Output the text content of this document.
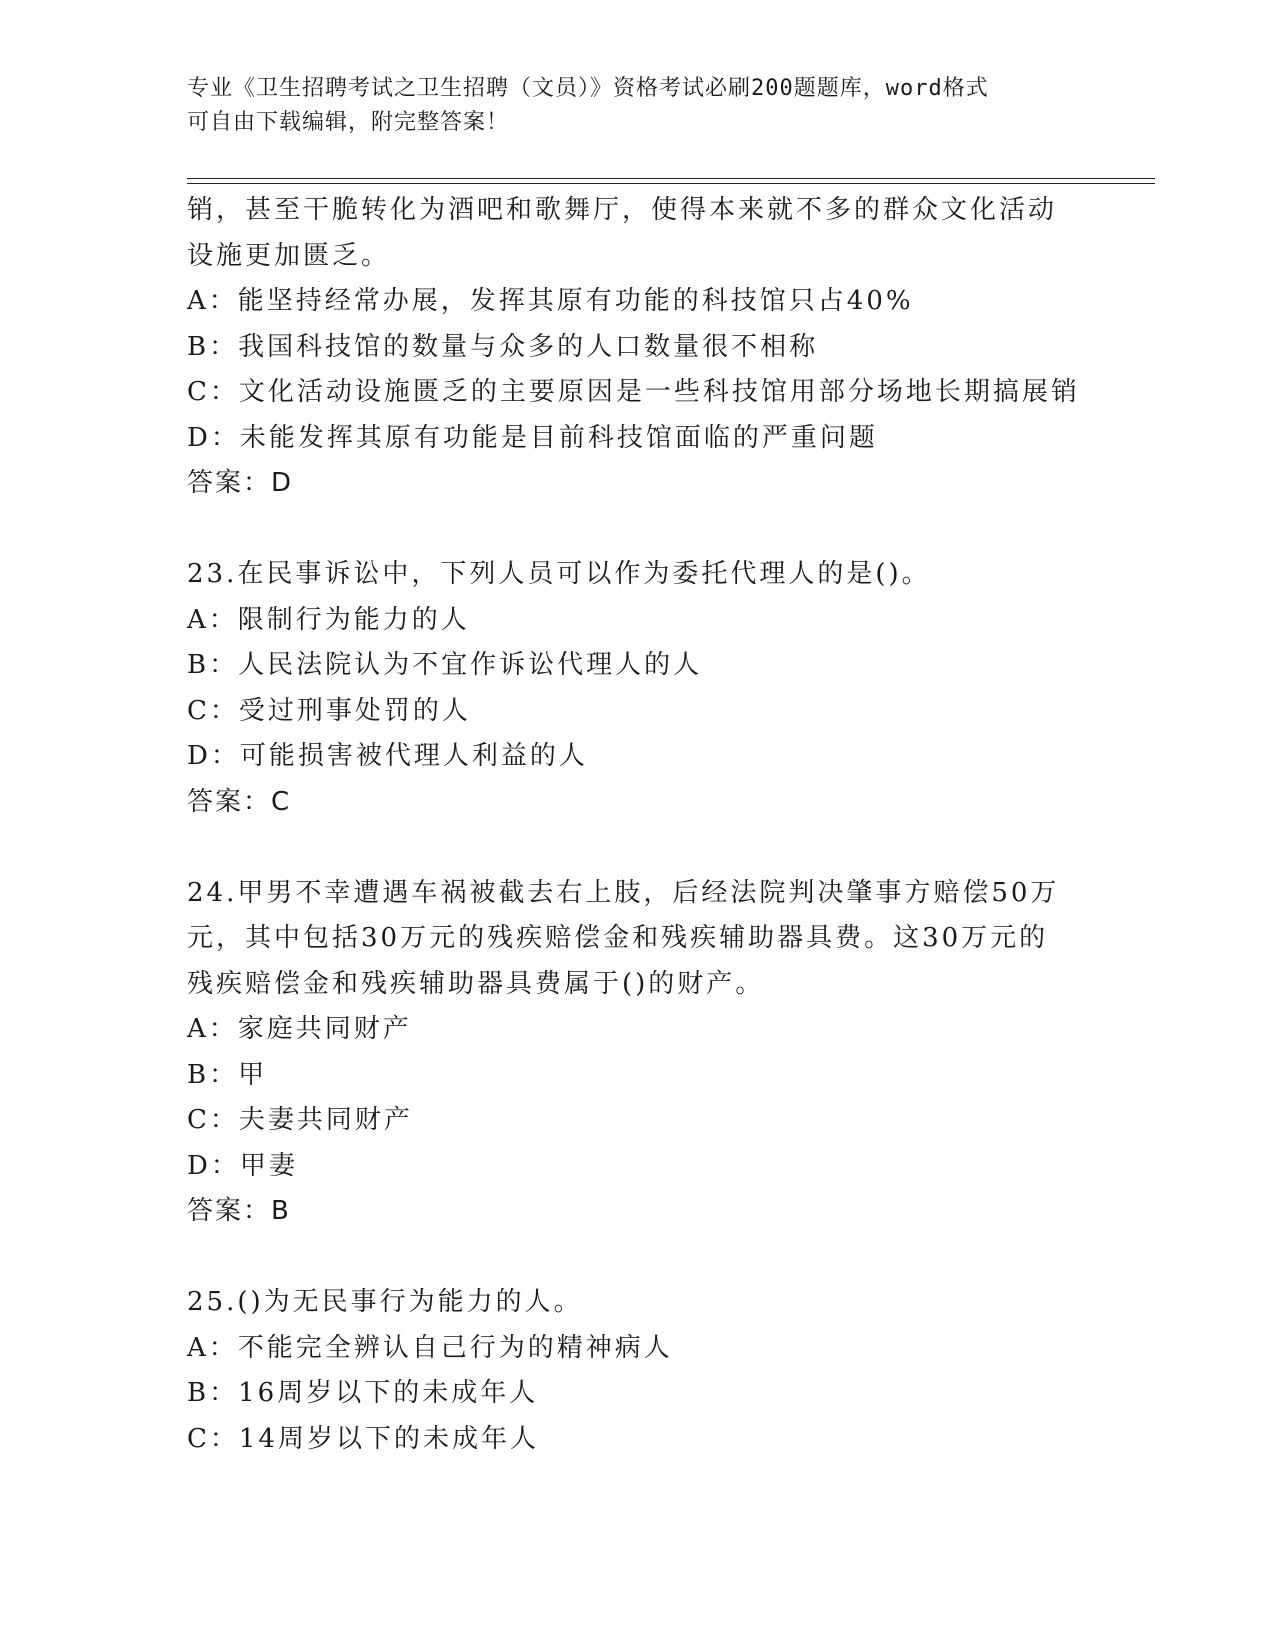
专业《卫生招聘考试之卫生招聘（文员）》资格考试必刷200题题库，word格式
可自由下载编辑，附完整答案！
销，甚至干脆转化为酒吧和歌舞厅，使得本来就不多的群众文化活动
设施更加匮乏。
A：能坚持经常办展，发挥其原有功能的科技馆只占40%
B：我国科技馆的数量与众多的人口数量很不相称
C：文化活动设施匮乏的主要原因是一些科技馆用部分场地长期搞展销
D：未能发挥其原有功能是目前科技馆面临的严重问题
答案：D
23.在民事诉讼中，下列人员可以作为委托代理人的是()。
A：限制行为能力的人
B：人民法院认为不宜作诉讼代理人的人
C：受过刑事处罚的人
D：可能损害被代理人利益的人
答案：C
24.甲男不幸遭遇车祸被截去右上肢，后经法院判决肇事方赔偿50万
元，其中包括30万元的残疾赔偿金和残疾辅助器具费。这30万元的
残疾赔偿金和残疾辅助器具费属于()的财产。
A：家庭共同财产
B：甲
C：夫妻共同财产
D：甲妻
答案：B
25.()为无民事行为能力的人。
A：不能完全辨认自己行为的精神病人
B：16周岁以下的未成年人
C：14周岁以下的未成年人
